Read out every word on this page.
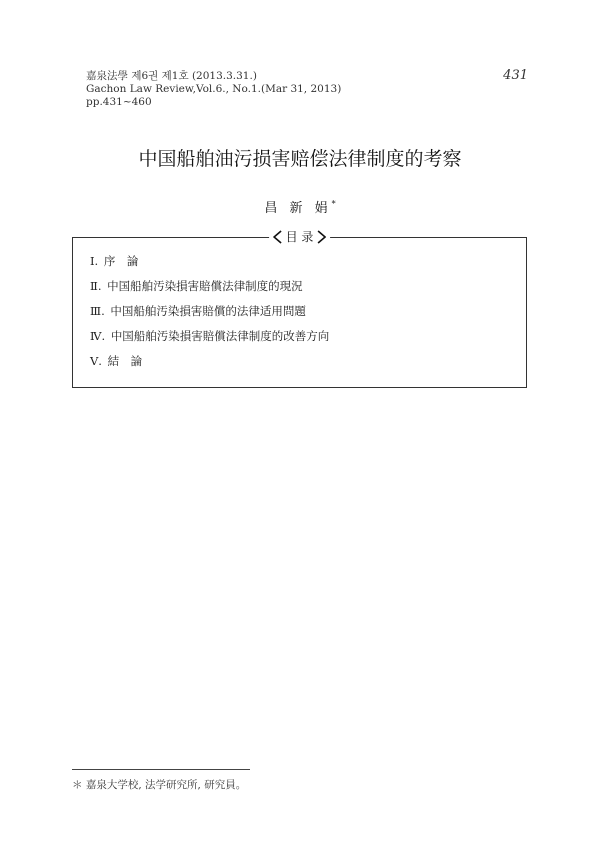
嘉泉法學 제6권 제1호 (2013.3.31.)
Gachon Law Review,Vol.6., No.1.(Mar 31, 2013)
pp.431~460
431
中国船舶油污损害赔偿法律制度的考察
昌 新 娟*
目 录
Ⅰ. 序　論
Ⅱ. 中国船舶汚染損害賠償法律制度的現況
Ⅲ. 中国船舶汚染損害賠償的法律适用問題
Ⅳ. 中国船舶汚染損害賠償法律制度的改善方向
Ⅴ. 結　論
＊ 嘉泉大学校, 法学研究所, 研究員。
